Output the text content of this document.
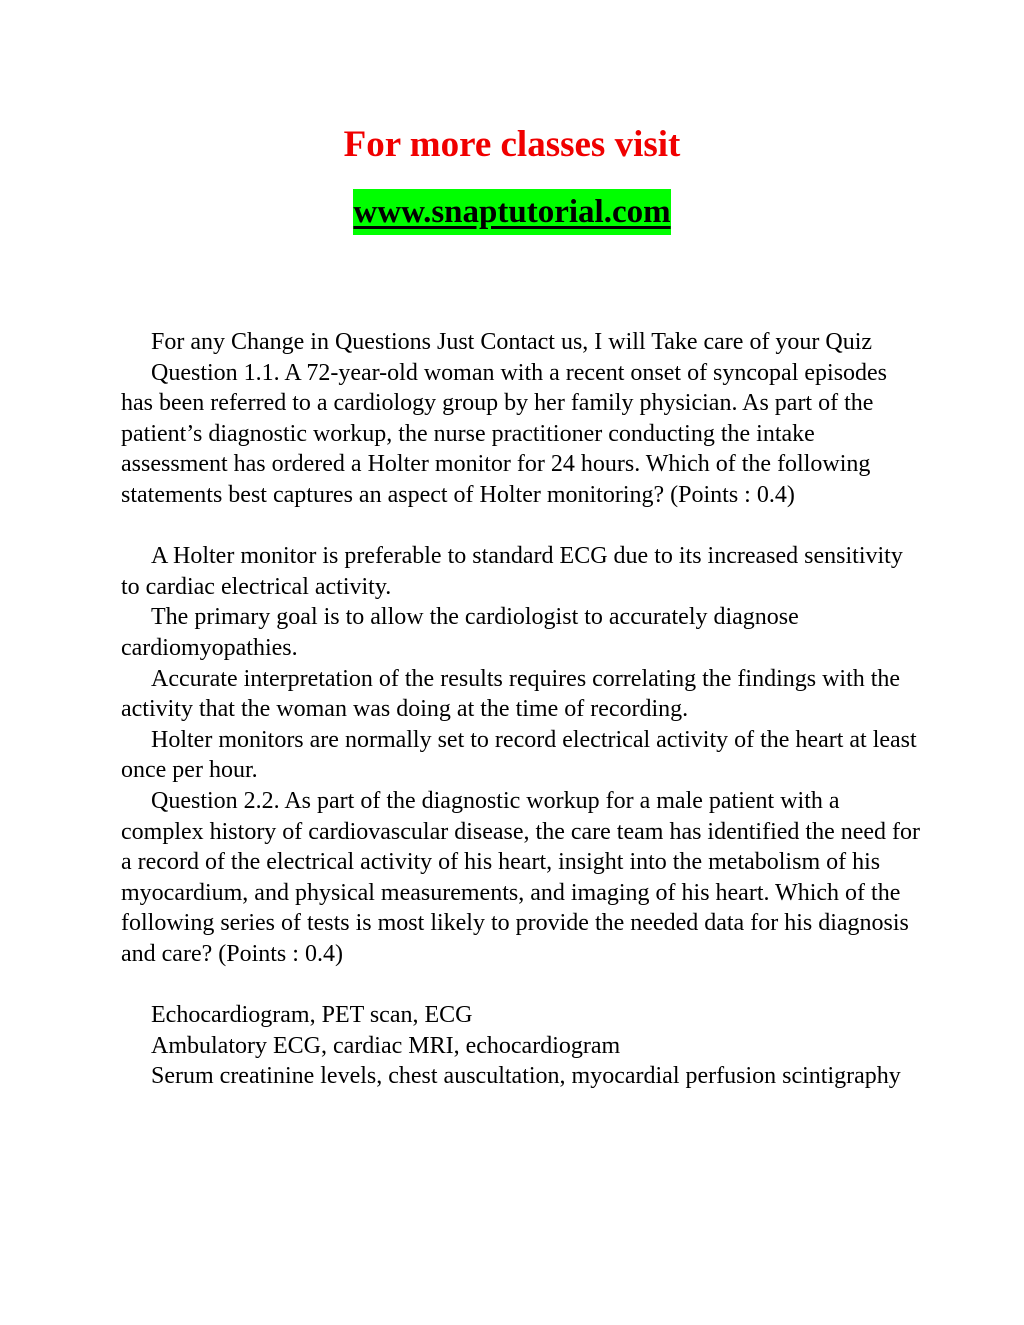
For more classes visit
www.snaptutorial.com

For any Change in Questions Just Contact us, I will Take care of your Quiz

Question 1.1. A 72-year-old woman with a recent onset of syncopal episodes has been referred to a cardiology group by her family physician. As part of the patient’s diagnostic workup, the nurse practitioner conducting the intake assessment has ordered a Holter monitor for 24 hours. Which of the following statements best captures an aspect of Holter monitoring? (Points : 0.4)

A Holter monitor is preferable to standard ECG due to its increased sensitivity to cardiac electrical activity.

The primary goal is to allow the cardiologist to accurately diagnose cardiomyopathies.

Accurate interpretation of the results requires correlating the findings with the activity that the woman was doing at the time of recording.

Holter monitors are normally set to record electrical activity of the heart at least once per hour.

Question 2.2. As part of the diagnostic workup for a male patient with a complex history of cardiovascular disease, the care team has identified the need for a record of the electrical activity of his heart, insight into the metabolism of his myocardium, and physical measurements, and imaging of his heart. Which of the following series of tests is most likely to provide the needed data for his diagnosis and care? (Points : 0.4)

Echocardiogram, PET scan, ECG

Ambulatory ECG, cardiac MRI, echocardiogram

Serum creatinine levels, chest auscultation, myocardial perfusion scintigraphy
